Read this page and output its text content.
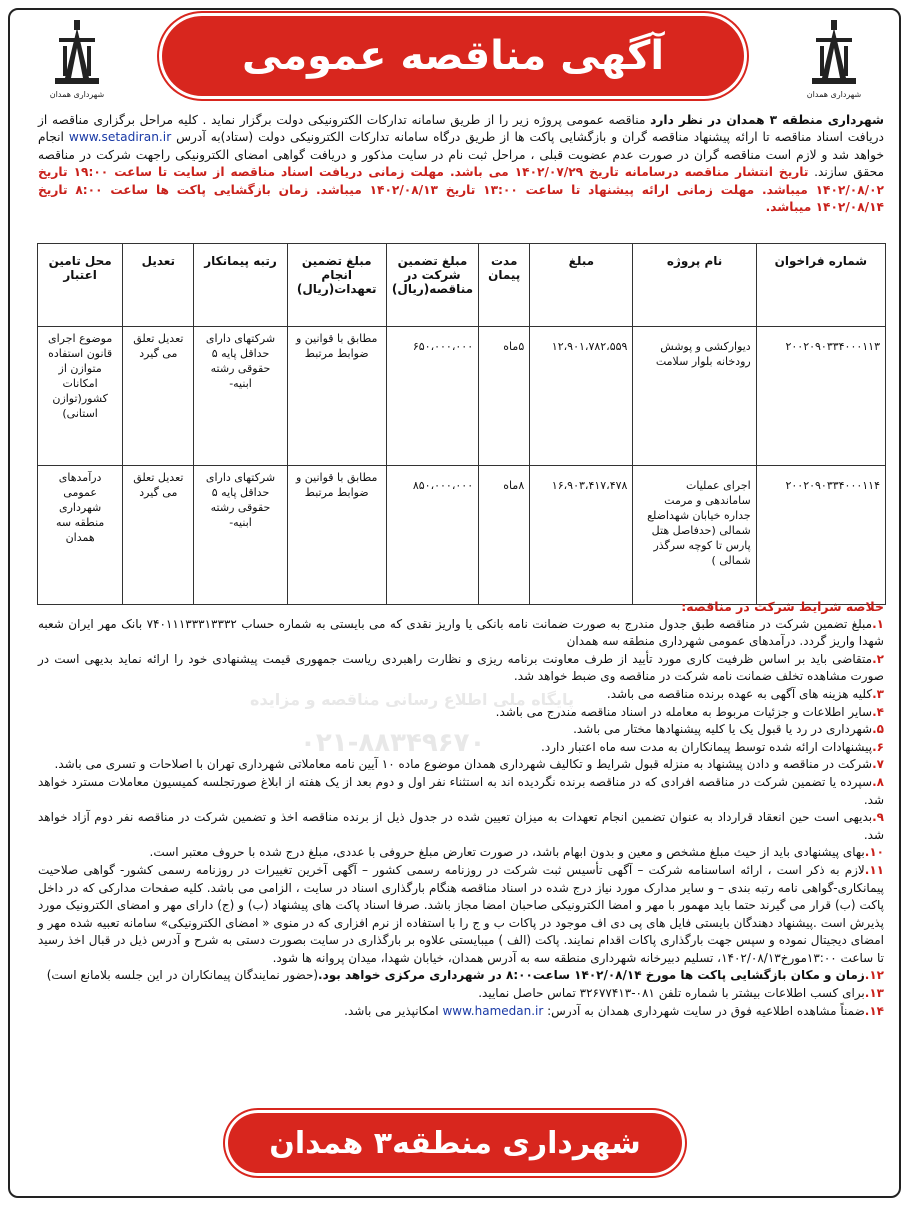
شهرداری همدان
شهرداری همدان
آگهی مناقصه عمومی
شهرداری منطقه ۳ همدان در نظر دارد مناقصه عمومی پروژه زیر را از طریق سامانه تدارکات الکترونیکی دولت برگزار نماید . کلیه مراحل برگزاری مناقصه از دریافت اسناد مناقصه تا ارائه پیشنهاد مناقصه گران و بازگشایی پاکت ها از طریق درگاه سامانه تدارکات الکترونیکی دولت (ستاد)به آدرس www.setadiran.ir انجام خواهد شد و لازم است مناقصه گران در صورت عدم عضویت قبلی ، مراحل ثبت نام در سایت مذکور و دریافت گواهی امضای الکترونیکی راجهت شرکت در مناقصه محقق سازند. تاریخ انتشار مناقصه درسامانه تاریخ ۱۴۰۲/۰۷/۲۹ می باشد. مهلت زمانی دریافت اسناد مناقصه از سایت تا ساعت ۱۹:۰۰ تاریخ ۱۴۰۲/۰۸/۰۲ میباشد. مهلت زمانی ارائه پیشنهاد تا ساعت ۱۳:۰۰ تاریخ ۱۴۰۲/۰۸/۱۳ میباشد. زمان بازگشایی پاکت ها ساعت ۸:۰۰ تاریخ ۱۴۰۲/۰۸/۱۴ میباشد.
شماره فراخوان	نام پروژه	مبلغ	مدت پیمان	مبلغ تضمین شرکت در مناقصه(ریال)	مبلغ تضمین انجام تعهدات(ریال)	رتبه پیمانکار	تعدیل	محل تامین اعتبار
۲۰۰۲۰۹۰۳۳۴۰۰۰۱۱۳	دیوارکشی و پوشش رودخانه بلوار سلامت	۱۲،۹۰۱،۷۸۲،۵۵۹	۵ماه	۶۵۰،۰۰۰،۰۰۰	مطابق با قوانین و ضوابط مرتبط	شرکتهای دارای حداقل پایه ۵ حقوقی رشته ابنیه-	تعدیل تعلق می گیرد	موضوع اجرای قانون استفاده متوازن از امکانات کشور(توازن استانی)
۲۰۰۲۰۹۰۳۳۴۰۰۰۱۱۴	اجرای عملیات ساماندهی و مرمت جداره خیابان شهداضلع شمالی (حدفاصل هتل پارس تا کوچه سرگذر شمالی )	۱۶،۹۰۳،۴۱۷،۴۷۸	۸ماه	۸۵۰،۰۰۰،۰۰۰	مطابق با قوانین و ضوابط مرتبط	شرکتهای دارای حداقل پایه ۵ حقوقی رشته ابنیه-	تعدیل تعلق می گیرد	درآمدهای عمومی شهرداری منطقه سه همدان
پایگاه ملی اطلاع رسانی مناقصه و مزایده
۰۲۱-۸۸۳۴۹۶۷۰

خلاصه شرایط شرکت در مناقصه:

۱.مبلغ تضمین شرکت در مناقصه طبق جدول مندرج به صورت ضمانت نامه بانکی یا واریز نقدی که می بایستی به شماره حساب ۷۴۰۱۱۱۳۳۳۱۳۳۳۲ بانک مهر ایران شعبه شهدا واریز گردد. درآمدهای عمومی شهرداری منطقه سه همدان

۲.متقاضی باید بر اساس ظرفیت کاری مورد تأیید از طرف معاونت برنامه ریزی و نظارت راهبردی ریاست جمهوری قیمت پیشنهادی خود را ارائه نماید بدیهی است در صورت مشاهده تخلف ضمانت نامه شرکت در مناقصه وی ضبط خواهد شد.

۳.کلیه هزینه های آگهی به عهده برنده مناقصه می باشد.

۴.سایر اطلاعات و جزئیات مربوط به معامله در اسناد مناقصه مندرج می باشد.

۵.شهرداری در رد یا قبول یک یا کلیه پیشنهادها مختار می باشد.

۶.پیشنهادات ارائه شده توسط پیمانکاران به مدت سه ماه اعتبار دارد.

۷.شرکت در مناقصه و دادن پیشنهاد به منزله قبول شرایط و تکالیف شهرداری همدان موضوع ماده ۱۰ آیین نامه معاملاتی شهرداری تهران با اصلاحات و تسری می باشد.

۸.سپرده یا تضمین شرکت در مناقصه افرادی که در مناقصه برنده نگردیده اند به استثناء نفر اول و دوم بعد از یک هفته از ابلاغ صورتجلسه کمیسیون معاملات مسترد خواهد شد.

۹.بدیهی است حین انعقاد قرارداد به عنوان تضمین انجام تعهدات به میزان تعیین شده در جدول ذیل از برنده مناقصه اخذ و تضمین شرکت در مناقصه نفر دوم آزاد خواهد شد.

۱۰.بهای پیشنهادی باید از حیث مبلغ مشخص و معین و بدون ابهام باشد، در صورت تعارض مبلغ حروفی با عددی، مبلغ درج شده با حروف معتبر است.

۱۱.لازم به ذکر است ، ارائه اساسنامه شرکت – آگهی تأسیس ثبت شرکت در روزنامه رسمی کشور – آگهی آخرین تغییرات در روزنامه رسمی کشور- گواهی صلاحیت پیمانکاری-گواهی نامه رتبه بندی – و سایر مدارک مورد نیاز درج شده در اسناد مناقصه هنگام بارگذاری اسناد در سایت ، الزامی می باشد. کلیه صفحات مدارکی که در داخل پاکت (ب) قرار می گیرند حتما باید مهمور با مهر و امضا الکترونیکی صاحبان امضا مجاز باشد. صرفا اسناد پاکت های پیشنهاد (ب) و (ج) دارای مهر و امضای الکترونیک مورد پذیرش است .پیشنهاد دهندگان بایستی فایل های پی دی اف موجود در پاکات ب و ج را با استفاده از نرم افزاری که در منوی « امضای الکترونیکی» سامانه تعبیه شده مهر و امضای دیجیتال نموده و سپس جهت بارگذاری پاکات اقدام نمایند. پاکت (الف ) میبایستی علاوه بر بارگذاری در سایت بصورت دستی به شرح و آدرس ذیل در قبال اخذ رسید تا ساعت ۱۳:۰۰مورخ۱۴۰۲/۰۸/۱۳، تسلیم دبیرخانه شهرداری منطقه سه به آدرس همدان، خیابان شهدا، میدان پروانه ها شود.

۱۲.زمان و مکان بازگشایی پاکت ها مورخ ۱۴۰۲/۰۸/۱۴ ساعت۸:۰۰ در شهرداری مرکزی خواهد بود.(حضور نمایندگان پیمانکاران در این جلسه بلامانع است)

۱۳.برای کسب اطلاعات بیشتر با شماره تلفن ۰۸۱-۳۲۶۷۷۴۱۳ تماس حاصل نمایید.

۱۴.ضمناً مشاهده اطلاعیه فوق در سایت شهرداری همدان به آدرس: www.hamedan.ir امکانپذیر می باشد.

شهرداری منطقه۳ همدان
